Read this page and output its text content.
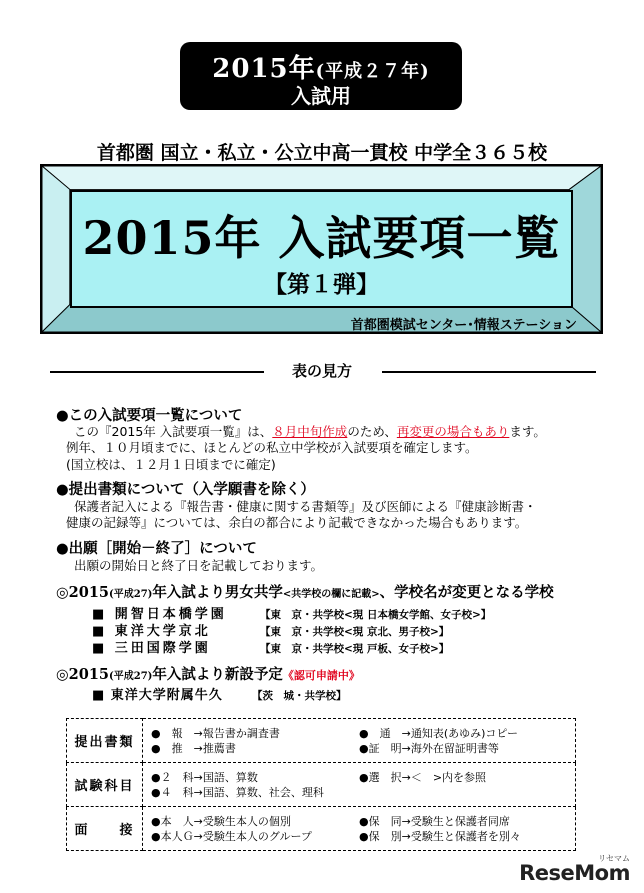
2015年(平成２７年)
入試用
首都圏 国立・私立・公立中高一貫校 中学全３６５校
2015年 入試要項一覧
【第１弾】
首都圏模試センター･情報ステーション
表の見方
●この入試要項一覧について
この『2015年 入試要項一覧』は、８月中旬作成のため、再変更の場合もあります。
例年、１０月頃までに、ほとんどの私立中学校が入試要項を確定します。
(国立校は、１２月１日頃までに確定)
●提出書類について（入学願書を除く）
保護者記入による『報告書・健康に関する書類等』及び医師による『健康診断書・
健康の記録等』については、余白の都合により記載できなかった場合もあります。
●出願［開始－終了］について
出願の開始日と終了日を記載しております。
◎2015(平成27)年入試より男女共学<共学校の欄に記載>、学校名が変更となる学校
■ 開智日本橋学園	【東　京・共学校<現 日本橋女学館、女子校>】
■ 東洋大学京北	【東　京・共学校<現 京北、男子校>】
■ 三田国際学園	【東　京・共学校<現 戸板、女子校>】
◎2015(平成27)年入試より新設予定《認可申請中》
■ 東洋大学附属牛久	【茨　城・共学校】
提出書類	●　報　→報告書か調査書 ●　通　→通知表(あゆみ)コピー
●　推　→推薦書 ●証　明→海外在留証明書等

試験科目	●２　科→国語、算数 ●選　択→＜　>内を参照
●４　科→国語、算数、社会、理科

面　　接	●本　人→受験生本人の個別 ●保　同→受験生と保護者同席
●本人Ｇ→受験生本人のグループ ●保　別→受験生と保護者を別々
リセマム
ReseMom
